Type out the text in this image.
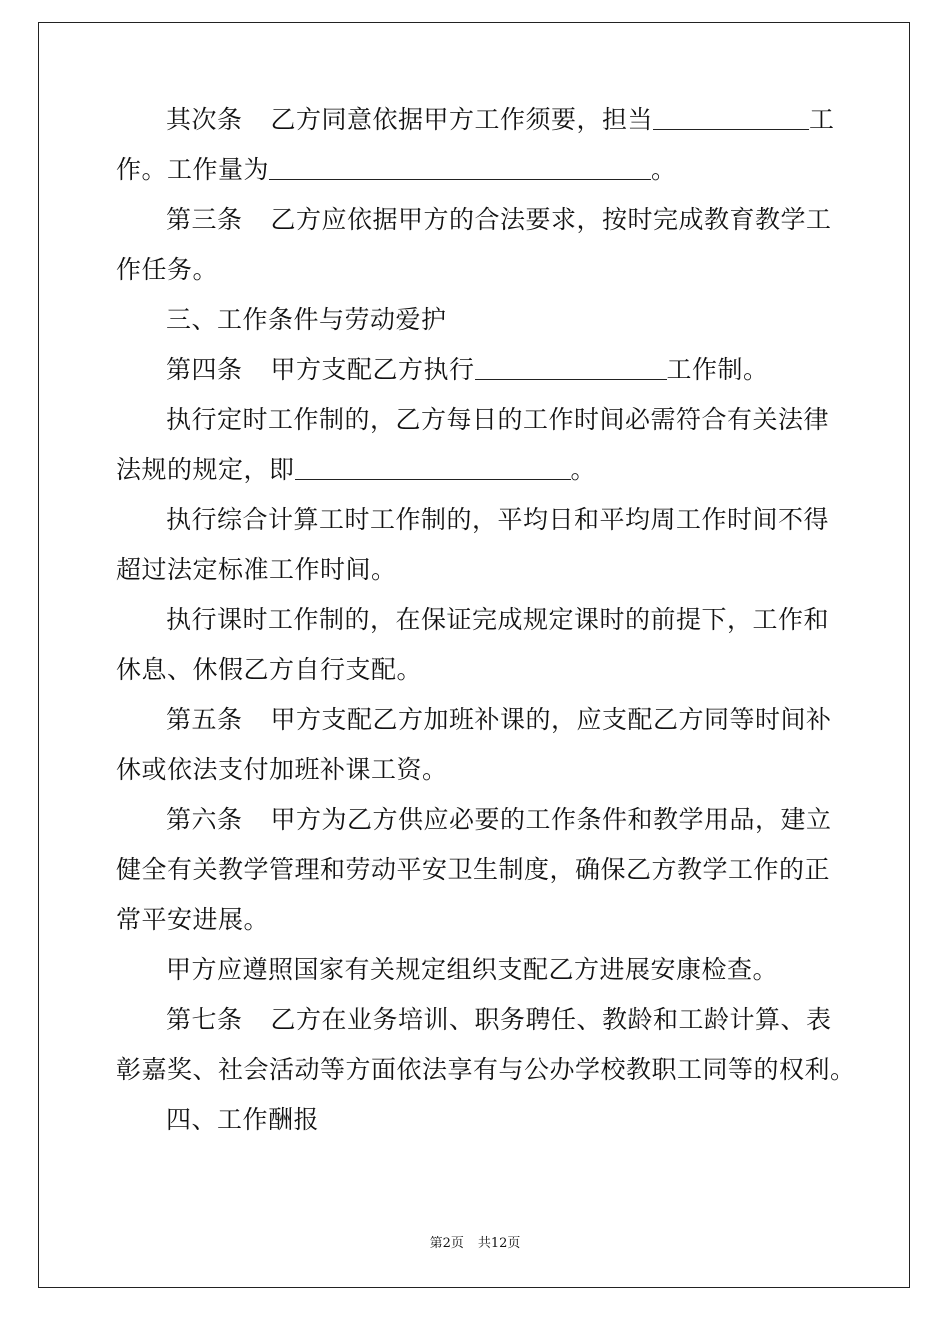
其次条 乙方同意依据甲方工作须要，担当	工
作。工作量为	。
第三条 乙方应依据甲方的合法要求，按时完成教育教学工
作任务。
三、工作条件与劳动爱护
第四条 甲方支配乙方执行	工作制。
执行定时工作制的，乙方每日的工作时间必需符合有关法律
法规的规定，即	。
执行综合计算工时工作制的，平均日和平均周工作时间不得
超过法定标准工作时间。
执行课时工作制的，在保证完成规定课时的前提下，工作和
休息、休假乙方自行支配。
第五条 甲方支配乙方加班补课的，应支配乙方同等时间补
休或依法支付加班补课工资。
第六条 甲方为乙方供应必要的工作条件和教学用品，建立
健全有关教学管理和劳动平安卫生制度，确保乙方教学工作的正
常平安进展。
甲方应遵照国家有关规定组织支配乙方进展安康检查。
第七条 乙方在业务培训、职务聘任、教龄和工龄计算、表
彰嘉奖、社会活动等方面依法享有与公办学校教职工同等的权利。
四、工作酬报
第2页 共12页
